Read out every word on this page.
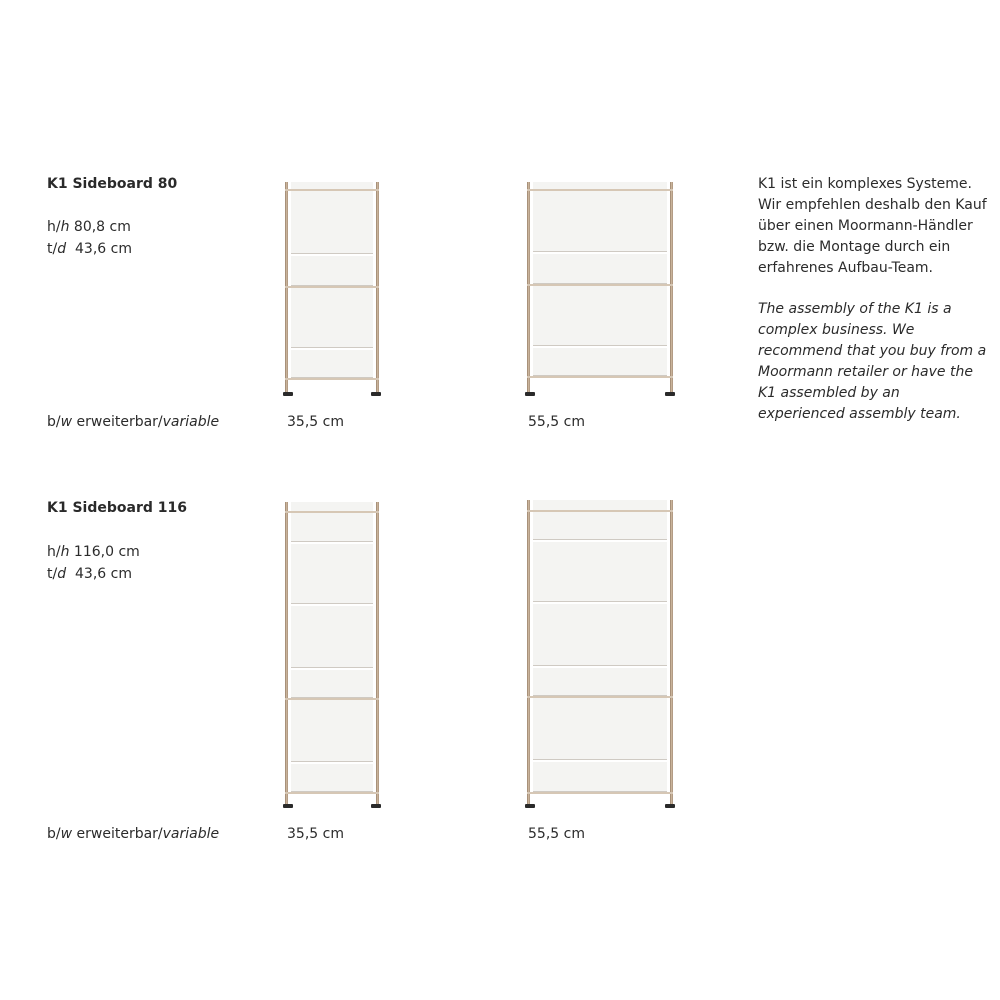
K1 Sideboard 80
h/h 80,8 cm
t/d 43,6 cm
b/w erweiterbar/variable	35,5 cm	55,5 cm

K1 ist ein komplexes Systeme. Wir empfehlen deshalb den Kauf über einen Moormann-Händler bzw. die Montage durch ein erfahrenes Aufbau-Team.

The assembly of the K1 is a complex business. We recommend that you buy from a Moormann retailer or have the K1 assembled by an experienced assembly team.

K1 Sideboard 116
h/h 116,0 cm
t/d 43,6 cm
b/w erweiterbar/variable	35,5 cm	55,5 cm
